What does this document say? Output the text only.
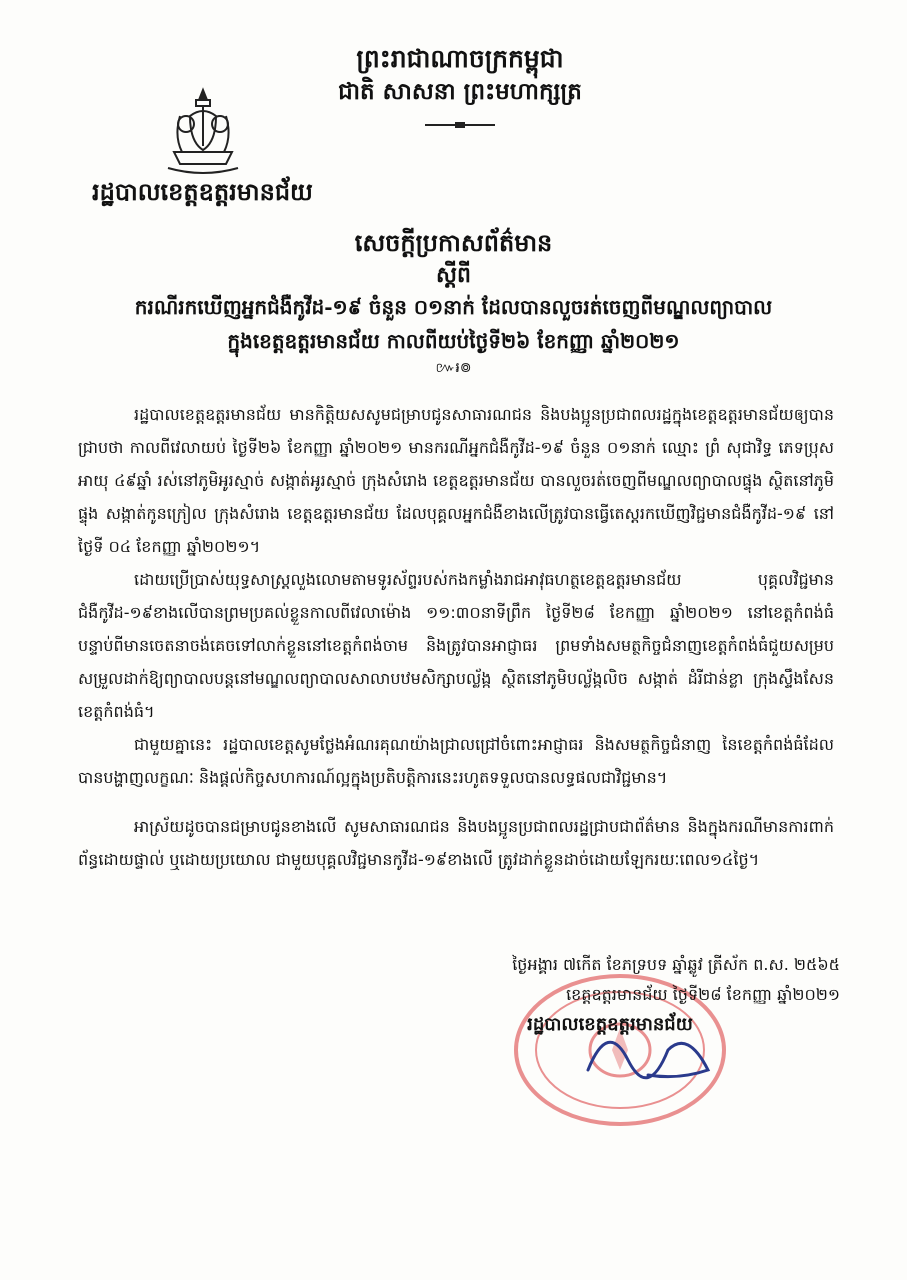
ព្រះរាជាណាចក្រកម្ពុជា
ជាតិ សាសនា ព្រះមហាក្សត្រ
រដ្ឋបាលខេត្តឧត្តរមានជ័យ
សេចក្តីប្រកាសព័ត៌មាន
ស្តីពី
ករណីរកឃើញអ្នកជំងឺកូវីដ-១៩ ចំនួន ០១នាក់ ដែលបានលួចរត់ចេញពីមណ្ឌលព្យាបាល
ក្នុងខេត្តឧត្តរមានជ័យ កាលពីយប់ថ្ងៃទី២៦ ខែកញ្ញា ឆ្នាំ២០២១
៚៛៙

រដ្ឋបាលខេត្តឧត្តរមានជ័យ មានកិត្តិយសសូមជម្រាបជូនសាធារណជន និងបងប្អូនប្រជាពលរដ្ឋក្នុងខេត្តឧត្តរមានជ័យឲ្យបានជ្រាបថា កាលពីវេលាយប់ ថ្ងៃទី២៦ ខែកញ្ញា ឆ្នាំ២០២១ មានករណីអ្នកជំងឺកូវីដ-១៩ ចំនួន ០១នាក់ ឈ្មោះ ព្រំ សុជាវិទ្ធ ភេទប្រុស អាយុ ៤៩ឆ្នាំ រស់នៅភូមិអូរស្មាច់ សង្កាត់អូរស្មាច់ ក្រុងសំរោង ខេត្តឧត្តរមានជ័យ បានលួចរត់ចេញពីមណ្ឌលព្យាបាលផ្ទុង ស្ថិតនៅភូមិផ្ទុង សង្កាត់កូនក្រៀល ក្រុងសំរោង ខេត្តឧត្តរមានជ័យ ដែលបុគ្គលអ្នកជំងឺខាងលើត្រូវបានធ្វើតេស្តរកឃើញវិជ្ជមានជំងឺកូវីដ-១៩ នៅថ្ងៃទី ០៤ ខែកញ្ញា ឆ្នាំ២០២១។

ដោយប្រើប្រាស់យុទ្ធសាស្ត្រលួងលោមតាមទូរស័ព្ទរបស់កងកម្លាំងរាជអាវុធហត្ថខេត្តឧត្តរមានជ័យ បុគ្គលវិជ្ជមានជំងឺកូវីដ-១៩ខាងលើបានព្រមប្រគល់ខ្លួនកាលពីវេលាម៉ោង ១១:៣០នាទីព្រឹក ថ្ងៃទី២៨ ខែកញ្ញា ឆ្នាំ២០២១ នៅខេត្តកំពង់ធំ បន្ទាប់ពីមានចេតនាចង់គេចទៅលាក់ខ្លួននៅខេត្តកំពង់ចាម និងត្រូវបានអាជ្ញាធរ ព្រមទាំងសមត្ថកិច្ចជំនាញខេត្តកំពង់ធំជួយសម្របសម្រួលដាក់ឱ្យព្យាបាលបន្តនៅមណ្ឌលព្យាបាលសាលាបឋមសិក្សាបល្ល័ង្ក ស្ថិតនៅភូមិបល្ល័ង្កលិច សង្កាត់ ដំរីជាន់ខ្លា ក្រុងស្ទឹងសែន ខេត្តកំពង់ធំ។

ជាមួយគ្នានេះ រដ្ឋបាលខេត្តសូមថ្លែងអំណរគុណយ៉ាងជ្រាលជ្រៅចំពោះអាជ្ញាធរ និងសមត្ថកិច្ចជំនាញ នៃខេត្តកំពង់ធំដែលបានបង្ហាញលក្ខណៈ និងផ្តល់កិច្ចសហការណ៍ល្អក្នុងប្រតិបត្តិការនេះរហូតទទួលបានលទ្ធផលជាវិជ្ជមាន។

អាស្រ័យដូចបានជម្រាបជូនខាងលើ សូមសាធារណជន និងបងប្អូនប្រជាពលរដ្ឋជ្រាបជាព័ត៌មាន និងក្នុងករណីមានការពាក់ព័ន្ធដោយផ្ទាល់ ឬដោយប្រយោល ជាមួយបុគ្គលវិជ្ជមានកូវីដ-១៩ខាងលើ ត្រូវដាក់ខ្លួនដាច់ដោយឡែករយៈពេល១៤ថ្ងៃ។

ថ្ងៃអង្គារ ៧កេីត ខែភទ្របទ ឆ្នាំឆ្លូវ ត្រីស័ក ព.ស. ២៥៦៥
ខេត្តឧត្តរមានជ័យ ថ្ងៃទី២៨ ខែកញ្ញា ឆ្នាំ២០២១
រដ្ឋបាលខេត្តឧត្តរមានជ័យ
